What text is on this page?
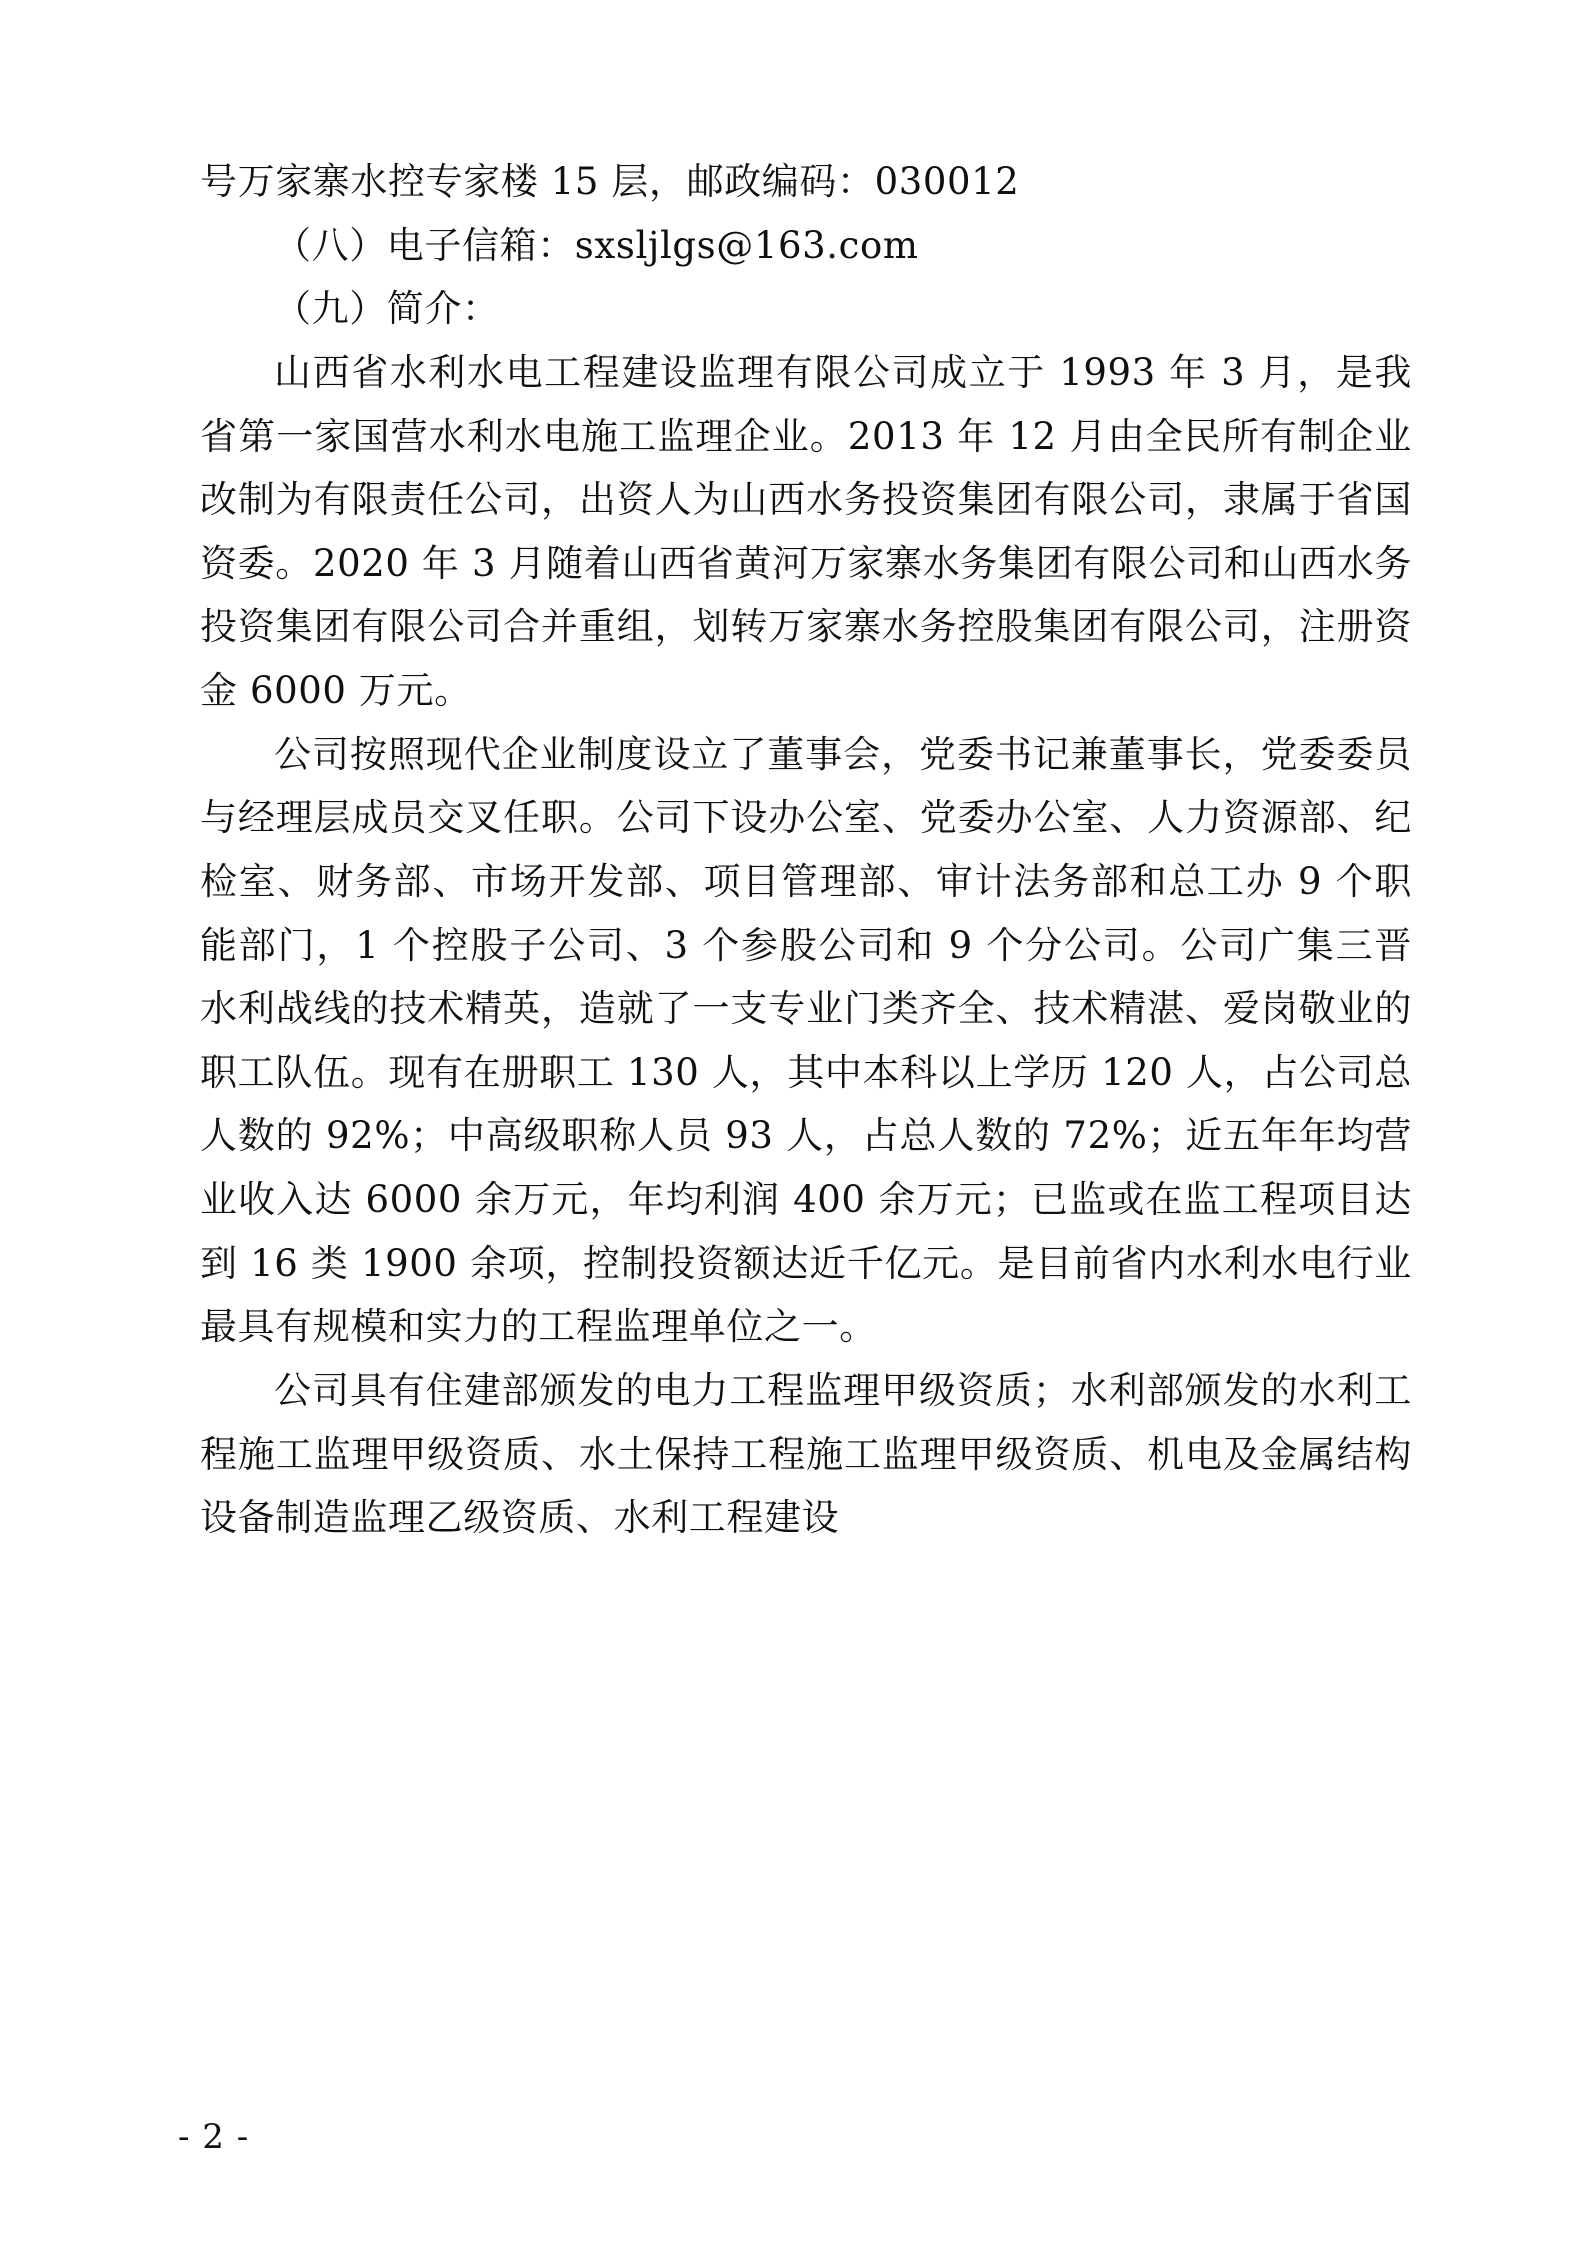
号万家寨水控专家楼 15 层，邮政编码：030012

（八）电子信箱：sxsljlgs@163.com

（九）简介：

山西省水利水电工程建设监理有限公司成立于 1993 年 3 月，是我省第一家国营水利水电施工监理企业。2013 年 12 月由全民所有制企业改制为有限责任公司，出资人为山西水务投资集团有限公司，隶属于省国资委。2020 年 3 月随着山西省黄河万家寨水务集团有限公司和山西水务投资集团有限公司合并重组，划转万家寨水务控股集团有限公司，注册资金 6000 万元。

公司按照现代企业制度设立了董事会，党委书记兼董事长，党委委员与经理层成员交叉任职。公司下设办公室、党委办公室、人力资源部、纪检室、财务部、市场开发部、项目管理部、审计法务部和总工办 9 个职能部门，1 个控股子公司、3 个参股公司和 9 个分公司。公司广集三晋水利战线的技术精英，造就了一支专业门类齐全、技术精湛、爱岗敬业的职工队伍。现有在册职工 130 人，其中本科以上学历 120 人，占公司总人数的 92%；中高级职称人员 93 人，占总人数的 72%；近五年年均营业收入达 6000 余万元，年均利润 400 余万元；已监或在监工程项目达到 16 类 1900 余项，控制投资额达近千亿元。是目前省内水利水电行业最具有规模和实力的工程监理单位之一。

公司具有住建部颁发的电力工程监理甲级资质；水利部颁发的水利工程施工监理甲级资质、水土保持工程施工监理甲级资质、机电及金属结构设备制造监理乙级资质、水利工程建设

- 2 -
